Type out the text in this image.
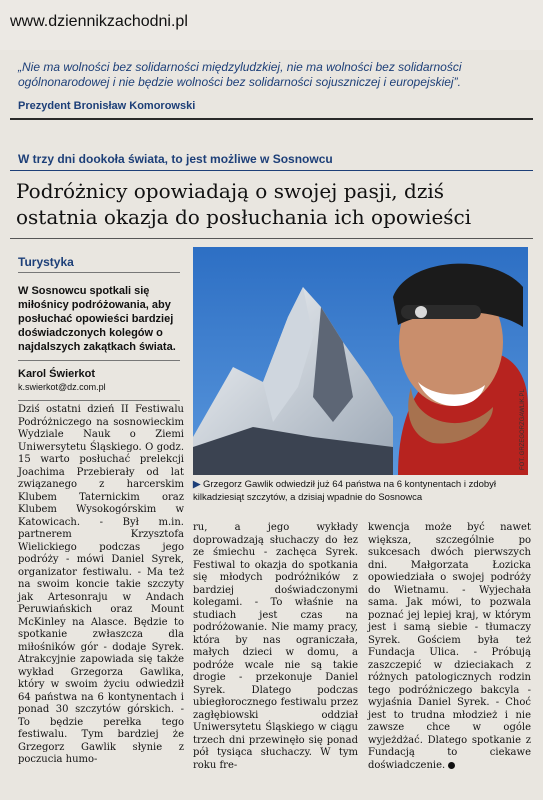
www.dziennikzachodni.pl
„Nie ma wolności bez solidarności międzyludzkiej, nie ma wolności bez solidarności ogólnonarodowej i nie będzie wolności bez solidarności sojuszniczej i europejskiej”.
Prezydent Bronisław Komorowski
W trzy dni dookoła świata, to jest możliwe w Sosnowcu
Podróżnicy opowiadają o swojej pasji, dziś ostatnia okazja do posłuchania ich opowieści
Turystyka
W Sosnowcu spotkali się miłośnicy podróżowania, aby posłuchać opowieści bardziej doświadczonych kolegów o najdalszych zakątkach świata.
Karol Świerkot
k.swierkot@dz.com.pl
FOT. GRZEGORZGAWLIK.PL
▶ Grzegorz Gawlik odwiedził już 64 państwa na 6 kontynentach i zdobył kilkadziesiąt szczytów, a dzisiaj wpadnie do Sosnowca

Dziś ostatni dzień II Festiwalu Podróżniczego na sosnowieckim Wydziale Nauk o Ziemi Uniwersytetu Śląskiego. O godz. 15 warto posłuchać prelekcji Joachima Przebierały od lat związanego z harcerskim Klubem Taternickim oraz Klubem Wysokogórskim w Katowicach. - Był m.in. partnerem Krzysztofa Wielickiego podczas jego podróży - mówi Daniel Syrek, organizator festiwalu. - Ma też na swoim koncie takie szczyty jak Artesonraju w Andach Peruwiańskich oraz Mount McKinley na Alasce. Będzie to spotkanie zwłaszcza dla miłośników gór - dodaje Syrek. Atrakcyjnie zapowiada się także wykład Grzegorza Gawlika, który w swoim życiu odwiedził 64 państwa na 6 kontynentach i ponad 30 szczytów górskich. - To będzie perełka tego festiwalu. Tym bardziej że Grzegorz Gawlik słynie z poczucia humo-

ru, a jego wykłady doprowadzają słuchaczy do łez ze śmiechu - zachęca Syrek. Festiwal to okazja do spotkania się młodych podróżników z bardziej doświadczonymi kolegami. - To właśnie na studiach jest czas na podróżowanie. Nie mamy pracy, która by nas ograniczała, małych dzieci w domu, a podróże wcale nie są takie drogie - przekonuje Daniel Syrek. Dlatego podczas ubiegłorocznego festiwalu przez zagłębiowski oddział Uniwersytetu Śląskiego w ciągu trzech dni przewinęło się ponad pół tysiąca słuchaczy. W tym roku fre-

kwencja może być nawet większa, szczególnie po sukcesach dwóch pierwszych dni. Małgorzata Łozicka opowiedziała o swojej podróży do Wietnamu. - Wyjechała sama. Jak mówi, to pozwala poznać jej lepiej kraj, w którym jest i samą siebie - tłumaczy Syrek. Gościem była też Fundacja Ulica. - Próbują zaszczepić w dzieciakach z różnych patologicznych rodzin tego podróżniczego bakcyla - wyjaśnia Daniel Syrek. - Choć jest to trudna młodzież i nie zawsze chce w ogóle wyjeżdżać. Dlatego spotkanie z Fundacją to ciekawe doświadczenie.
